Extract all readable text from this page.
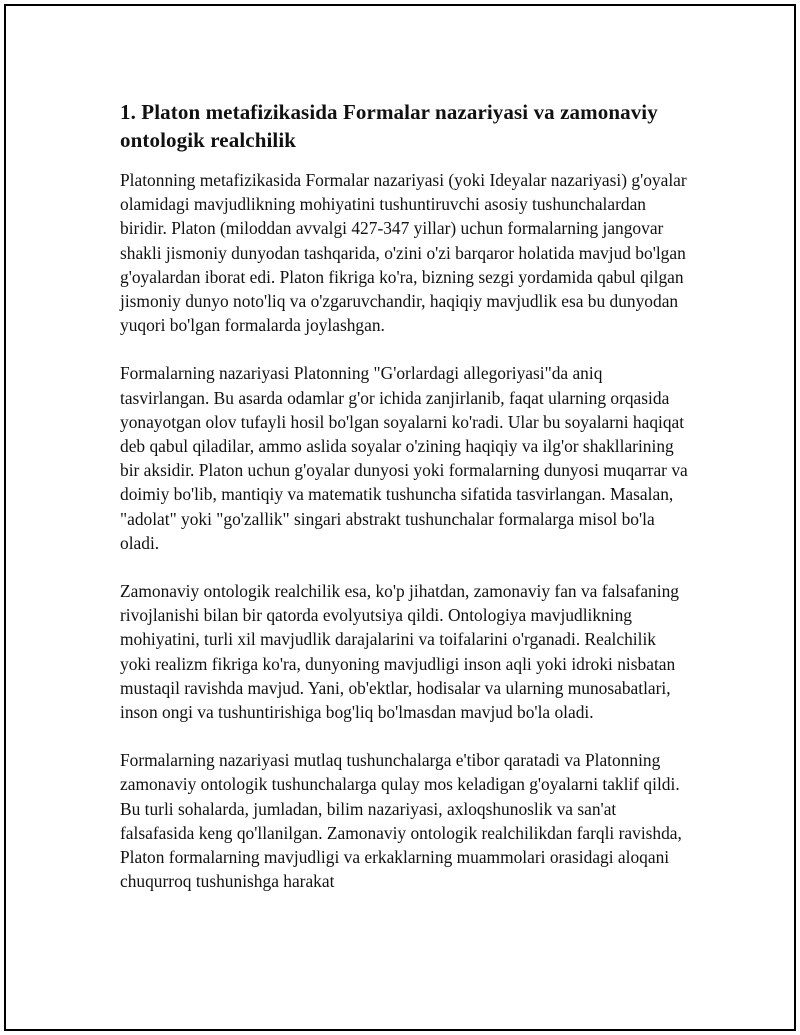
1. Platon metafizikasida Formalar nazariyasi va zamonaviy ontologik realchilik

Platonning metafizikasida Formalar nazariyasi (yoki Ideyalar nazariyasi) g'oyalar olamidagi mavjudlikning mohiyatini tushuntiruvchi asosiy tushunchalardan biridir. Platon (miloddan avvalgi 427-347 yillar) uchun formalarning jangovar shakli jismoniy dunyodan tashqarida, o'zini o'zi barqaror holatida mavjud bo'lgan g'oyalardan iborat edi. Platon fikriga ko'ra, bizning sezgi yordamida qabul qilgan jismoniy dunyo noto'liq va o'zgaruvchandir, haqiqiy mavjudlik esa bu dunyodan yuqori bo'lgan formalarda joylashgan.

Formalarning nazariyasi Platonning "G'orlardagi allegoriyasi"da aniq tasvirlangan. Bu asarda odamlar g'or ichida zanjirlanib, faqat ularning orqasida yonayotgan olov tufayli hosil bo'lgan soyalarni ko'radi. Ular bu soyalarni haqiqat deb qabul qiladilar, ammo aslida soyalar o'zining haqiqiy va ilg'or shakllarining bir aksidir. Platon uchun g'oyalar dunyosi yoki formalarning dunyosi muqarrar va doimiy bo'lib, mantiqiy va matematik tushuncha sifatida tasvirlangan. Masalan, "adolat" yoki "go'zallik" singari abstrakt tushunchalar formalarga misol bo'la oladi.

Zamonaviy ontologik realchilik esa, ko'p jihatdan, zamonaviy fan va falsafaning rivojlanishi bilan bir qatorda evolyutsiya qildi. Ontologiya mavjudlikning mohiyatini, turli xil mavjudlik darajalarini va toifalarini o'rganadi. Realchilik yoki realizm fikriga ko'ra, dunyoning mavjudligi inson aqli yoki idroki nisbatan mustaqil ravishda mavjud. Yani, ob'ektlar, hodisalar va ularning munosabatlari, inson ongi va tushuntirishiga bog'liq bo'lmasdan mavjud bo'la oladi.

Formalarning nazariyasi mutlaq tushunchalarga e'tibor qaratadi va Platonning zamonaviy ontologik tushunchalarga qulay mos keladigan g'oyalarni taklif qildi. Bu turli sohalarda, jumladan, bilim nazariyasi, axloqshunoslik va san'at falsafasida keng qo'llanilgan. Zamonaviy ontologik realchilikdan farqli ravishda, Platon formalarning mavjudligi va erkaklarning muammolari orasidagi aloqani chuqurroq tushunishga harakat
